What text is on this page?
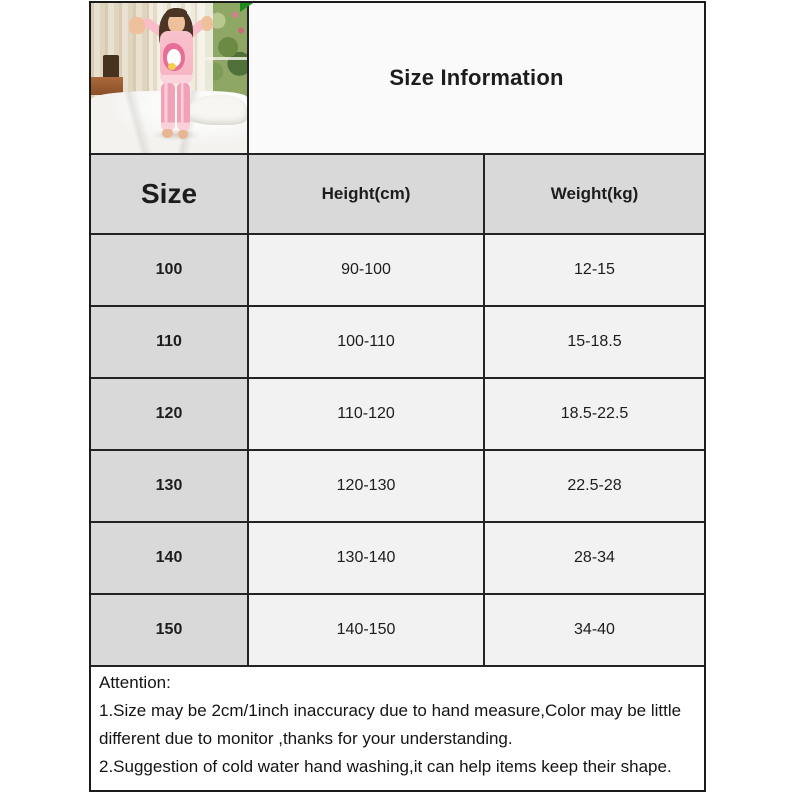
Size Information
Size	Height(cm)	Weight(kg)
100	90-100	12-15
110	100-110	15-18.5
120	110-120	18.5-22.5
130	120-130	22.5-28
140	130-140	28-34
150	140-150	34-40
Attention:
1.Size may be 2cm/1inch inaccuracy due to hand measure,Color may be little different due to monitor ,thanks for your understanding.
2.Suggestion of cold water hand washing,it can help items keep their shape.
